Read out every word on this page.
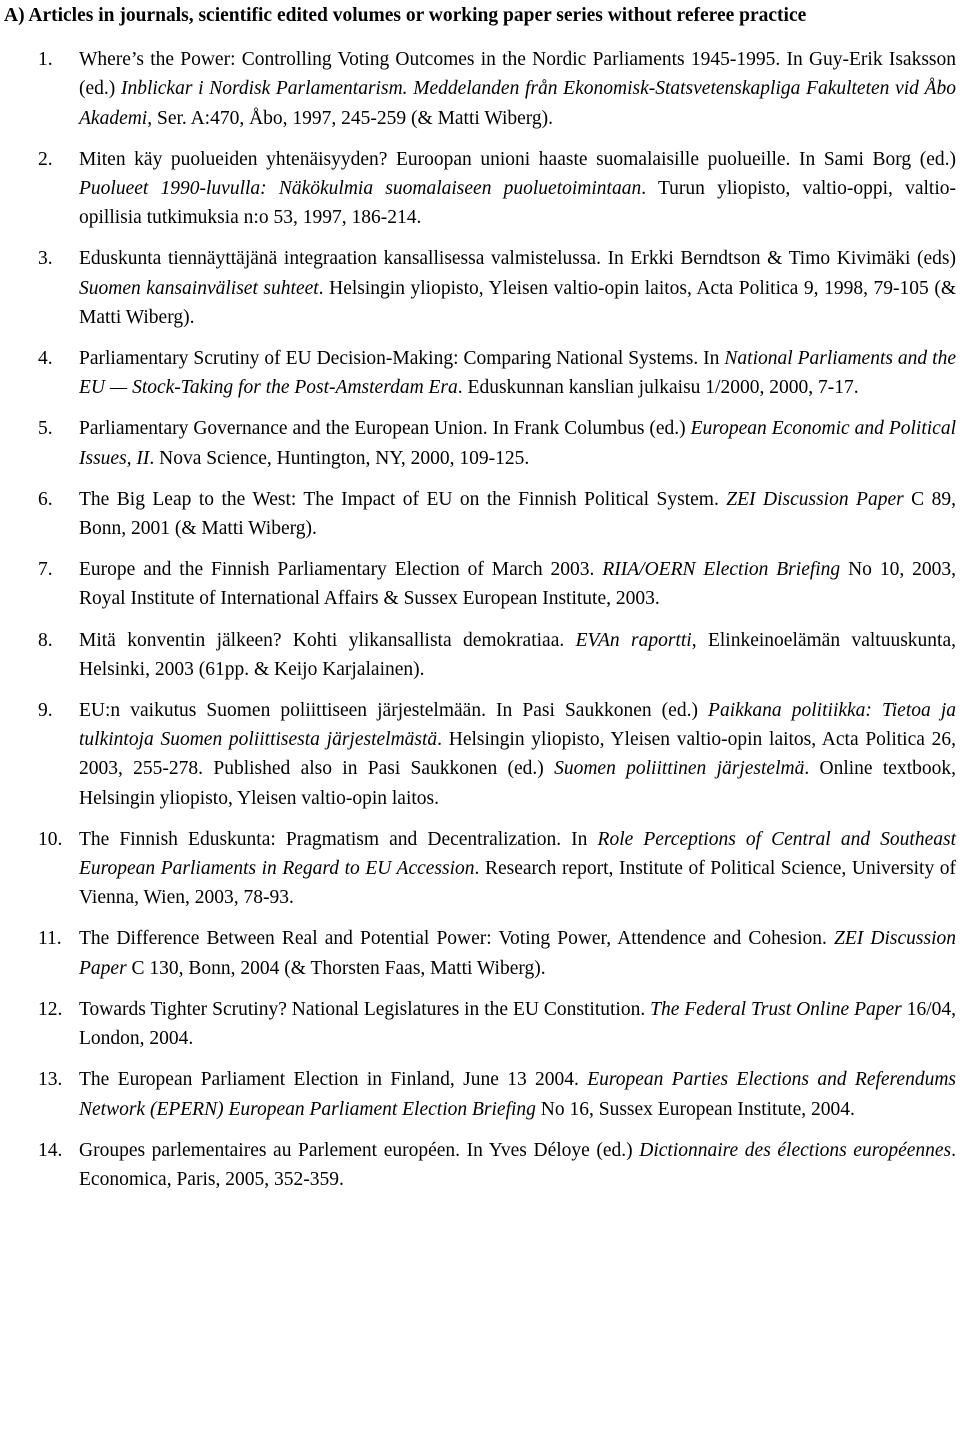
A) Articles in journals, scientific edited volumes or working paper series without referee practice
1. Where’s the Power: Controlling Voting Outcomes in the Nordic Parliaments 1945-1995. In Guy-Erik Isaksson (ed.) Inblickar i Nordisk Parlamentarism. Meddelanden från Ekonomisk-Statsvetenskapliga Fakulteten vid Åbo Akademi, Ser. A:470, Åbo, 1997, 245-259 (& Matti Wiberg).
2. Miten käy puolueiden yhtenäisyyden? Euroopan unioni haaste suomalaisille puolueille. In Sami Borg (ed.) Puolueet 1990-luvulla: Näkökulmia suomalaiseen puoluetoimintaan. Turun yliopisto, valtio-oppi, valtio-opillisia tutkimuksia n:o 53, 1997, 186-214.
3. Eduskunta tiennäyttäjänä integraation kansallisessa valmistelussa. In Erkki Berndtson & Timo Kivimäki (eds) Suomen kansainväliset suhteet. Helsingin yliopisto, Yleisen valtio-opin laitos, Acta Politica 9, 1998, 79-105 (& Matti Wiberg).
4. Parliamentary Scrutiny of EU Decision-Making: Comparing National Systems. In National Parliaments and the EU — Stock-Taking for the Post-Amsterdam Era. Eduskunnan kanslian julkaisu 1/2000, 2000, 7-17.
5. Parliamentary Governance and the European Union. In Frank Columbus (ed.) European Economic and Political Issues, II. Nova Science, Huntington, NY, 2000, 109-125.
6. The Big Leap to the West: The Impact of EU on the Finnish Political System. ZEI Discussion Paper C 89, Bonn, 2001 (& Matti Wiberg).
7. Europe and the Finnish Parliamentary Election of March 2003. RIIA/OERN Election Briefing No 10, 2003, Royal Institute of International Affairs & Sussex European Institute, 2003.
8. Mitä konventin jälkeen? Kohti ylikansallista demokratiaa. EVAn raportti, Elinkeinoelämän valtuuskunta, Helsinki, 2003 (61pp. & Keijo Karjalainen).
9. EU:n vaikutus Suomen poliittiseen järjestelmään. In Pasi Saukkonen (ed.) Paikkana politiikka: Tietoa ja tulkintoja Suomen poliittisesta järjestelmästä. Helsingin yliopisto, Yleisen valtio-opin laitos, Acta Politica 26, 2003, 255-278. Published also in Pasi Saukkonen (ed.) Suomen poliittinen järjestelmä. Online textbook, Helsingin yliopisto, Yleisen valtio-opin laitos.
10. The Finnish Eduskunta: Pragmatism and Decentralization. In Role Perceptions of Central and Southeast European Parliaments in Regard to EU Accession. Research report, Institute of Political Science, University of Vienna, Wien, 2003, 78-93.
11. The Difference Between Real and Potential Power: Voting Power, Attendence and Cohesion. ZEI Discussion Paper C 130, Bonn, 2004 (& Thorsten Faas, Matti Wiberg).
12. Towards Tighter Scrutiny? National Legislatures in the EU Constitution. The Federal Trust Online Paper 16/04, London, 2004.
13. The European Parliament Election in Finland, June 13 2004. European Parties Elections and Referendums Network (EPERN) European Parliament Election Briefing No 16, Sussex European Institute, 2004.
14. Groupes parlementaires au Parlement européen. In Yves Déloye (ed.) Dictionnaire des élections européennes. Economica, Paris, 2005, 352-359.
